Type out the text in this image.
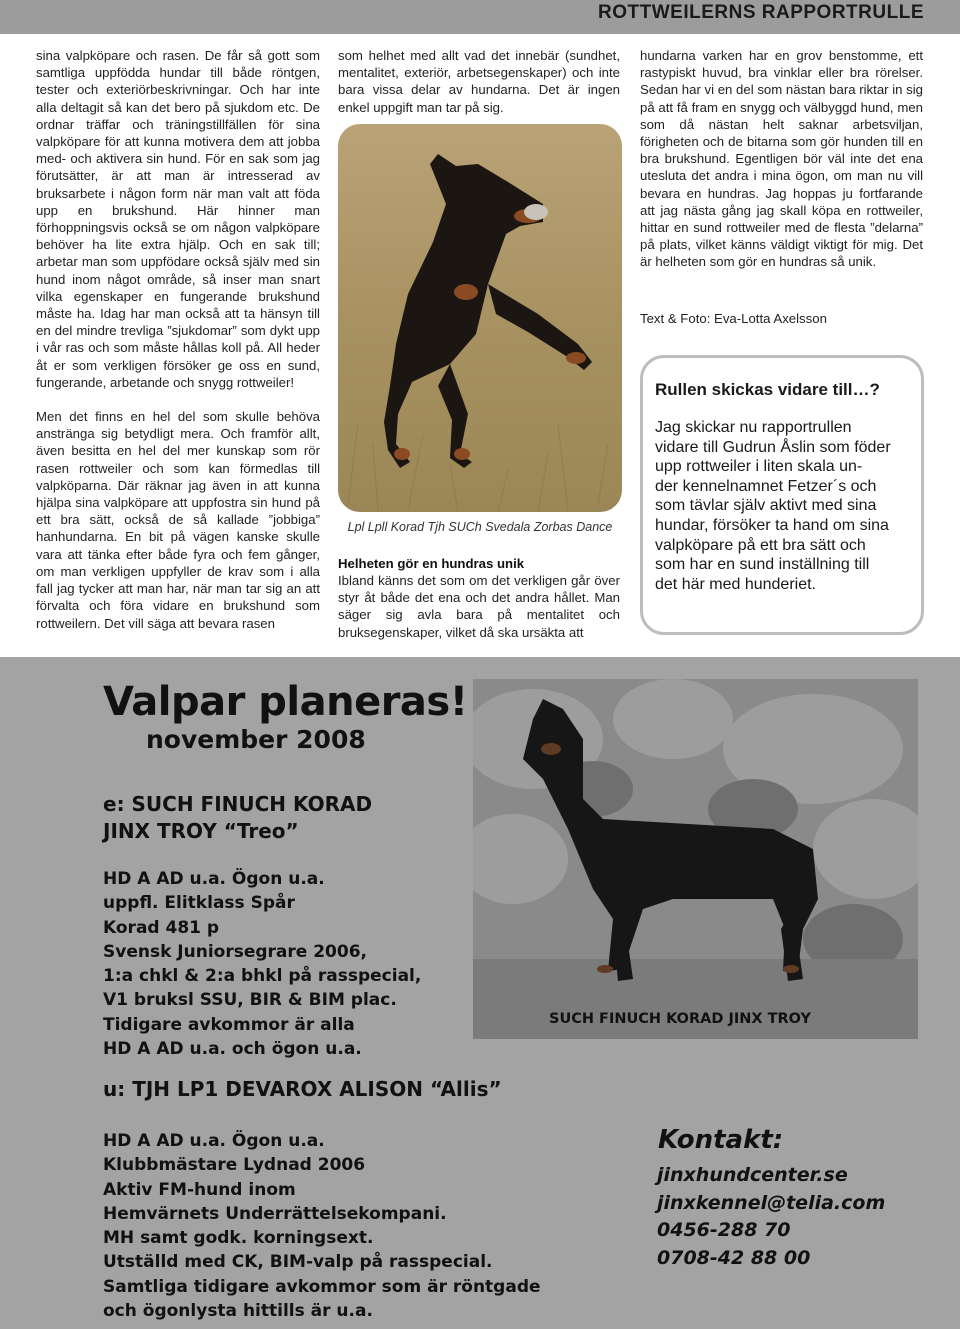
ROTTWEILERNS RAPPORTRULLE

sina valpköpare och rasen. De får så gott som samtliga uppfödda hundar till både röntgen, tester och exteriörbeskrivningar. Och har inte alla deltagit så kan det bero på sjukdom etc. De ordnar träffar och träningstillfällen för sina valpköpare för att kunna motivera dem att jobba med- och aktivera sin hund. För en sak som jag förutsätter, är att man är intresserad av bruksarbete i någon form när man valt att föda upp en brukshund. Här hinner man förhoppningsvis också se om någon valpköpare behöver ha lite extra hjälp. Och en sak till; arbetar man som uppfödare också själv med sin hund inom något område, så inser man snart vilka egenskaper en fungerande brukshund måste ha. Idag har man också att ta hänsyn till en del mindre trevliga ”sjukdomar” som dykt upp i vår ras och som måste hållas koll på. All heder åt er som verkligen försöker ge oss en sund, fungerande, arbetande och snygg rottweiler!

Men det finns en hel del som skulle behöva anstränga sig betydligt mera. Och framför allt, även besitta en hel del mer kunskap som rör rasen rottweiler och som kan förmedlas till valpköparna. Där räknar jag även in att kunna hjälpa sina valpköpare att uppfostra sin hund på ett bra sätt, också de så kallade ”jobbiga” hanhundarna. En bit på vägen kanske skulle vara att tänka efter både fyra och fem gånger, om man verkligen uppfyller de krav som i alla fall jag tycker att man har, när man tar sig an att förvalta och föra vidare en brukshund som rottweilern. Det vill säga att bevara rasen

som helhet med allt vad det innebär (sundhet, mentalitet, exteriör, arbetsegenskaper) och inte bara vissa delar av hundarna. Det är ingen enkel uppgift man tar på sig.
Lpl Lpll Korad Tjh SUCh Svedala Zorbas Dance
Helheten gör en hundras unik
Ibland känns det som om det verkligen går över styr åt både det ena och det andra hållet. Man säger sig avla bara på mentalitet och bruksegenskaper, vilket då ska ursäkta att
hundarna varken har en grov benstomme, ett rastypiskt huvud, bra vinklar eller bra rörelser. Sedan har vi en del som nästan bara riktar in sig på att få fram en snygg och välbyggd hund, men som då nästan helt saknar arbetsviljan, förigheten och de bitarna som gör hunden till en bra brukshund. Egentligen bör väl inte det ena utesluta det andra i mina ögon, om man nu vill bevara en hundras. Jag hoppas ju fortfarande att jag nästa gång jag skall köpa en rottweiler, hittar en sund rottweiler med de flesta ”delarna” på plats, vilket känns väldigt viktigt för mig. Det är helheten som gör en hundras så unik.
Text & Foto: Eva-Lotta Axelsson
Rullen skickas vidare till…?
Jag skickar nu rapportrullen
vidare till Gudrun Åslin som föder
upp rottweiler i liten skala un-
der kennelnamnet Fetzer´s och
som tävlar själv aktivt med sina
hundar, försöker ta hand om sina
valpköpare på ett bra sätt och
som har en sund inställning till
det här med hunderiet.
Valpar planeras!
november 2008
e: SUCH FINUCH KORAD
JINX TROY “Treo”
HD A AD u.a. Ögon u.a.
uppfl. Elitklass Spår
Korad 481 p
Svensk Juniorsegrare 2006,
1:a chkl & 2:a bhkl på rasspecial,
V1 bruksl SSU, BIR & BIM plac.
Tidigare avkommor är alla
HD A AD u.a. och ögon u.a.
SUCH FINUCH KORAD JINX TROY
u: TJH LP1 DEVAROX ALISON “Allis”
HD A AD u.a. Ögon u.a.
Klubbmästare Lydnad 2006
Aktiv FM-hund inom
Hemvärnets Underrättelsekompani.
MH samt godk. korningsext.
Utställd med CK, BIM-valp på rasspecial.
Samtliga tidigare avkommor som är röntgade
och ögonlysta hittills är u.a.
Kontakt:
jinxhundcenter.se
jinxkennel@telia.com
0456-288 70
0708-42 88 00
